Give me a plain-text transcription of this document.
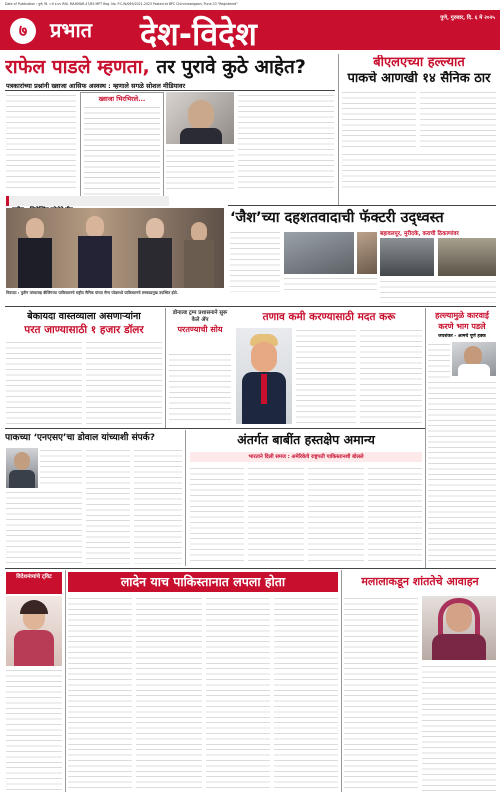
Date of Publication : पुणे, दि. ५ मे २०२५ RNI. MAHMAR-47/85 MPT Reg. No. P.C.W/069/2021-2023 Posted at BPC Chinchwadgaon, Pune-33 "Registered"
पुणे, गुरुवार, दि. ६ मे २०२५
७	प्रभात देश-विदेश
राफेल पाडले म्हणता, तर पुरावे कुठे आहेत?
पत्रकारांच्या प्रश्नांनी ख्वाजा आसिफ अस्वस्थ : म्हणाले सगळे सोशल मीडियावर
ख्वाजा भिरभिरले...
चित्रपटा : पुतीन यांच्यासह बीजिंगच्या पाकिस्तानचे राष्ट्रीय सैनिक यांच्या सैन्य परेडमध्ये पाकिस्तानचे लष्करप्रमुख उपस्थित होते.
बीएलएच्या हल्ल्यात
पाकचे आणखी १४ सैनिक ठार
‘जैश’च्या दहशतवादाची फॅक्टरी उद्ध्वस्त
बहावलपूर, मुरीदके, कराची ठिकाणांवर
बेकायदा वास्तव्याला असणाऱ्यांना
परत जाण्यासाठी १ हजार डॉलर
डोनाल्ड ट्रम्प प्रशासनाने सुरू केले ॲप
परतण्याची सोय
तणाव कमी करण्यासाठी मदत करू	हल्ल्यामुळे कारवाई
करणे भाग पडले
जयशंकर - आमचे पूर्ण हक्क
पाकच्या ‘एनएसए’चा डोवाल यांच्याशी संपर्क?	अंतर्गत बाबींत हस्तक्षेप अमान्य
भारताने दिली समज : अमेरिकेचे राष्ट्रपती पाकिस्तानशी बोलले
विदेशमंत्र्यांचे ट्विट	लादेन याच पाकिस्तानात लपला होता	मलालाकडून शांततेचे आवाहन
